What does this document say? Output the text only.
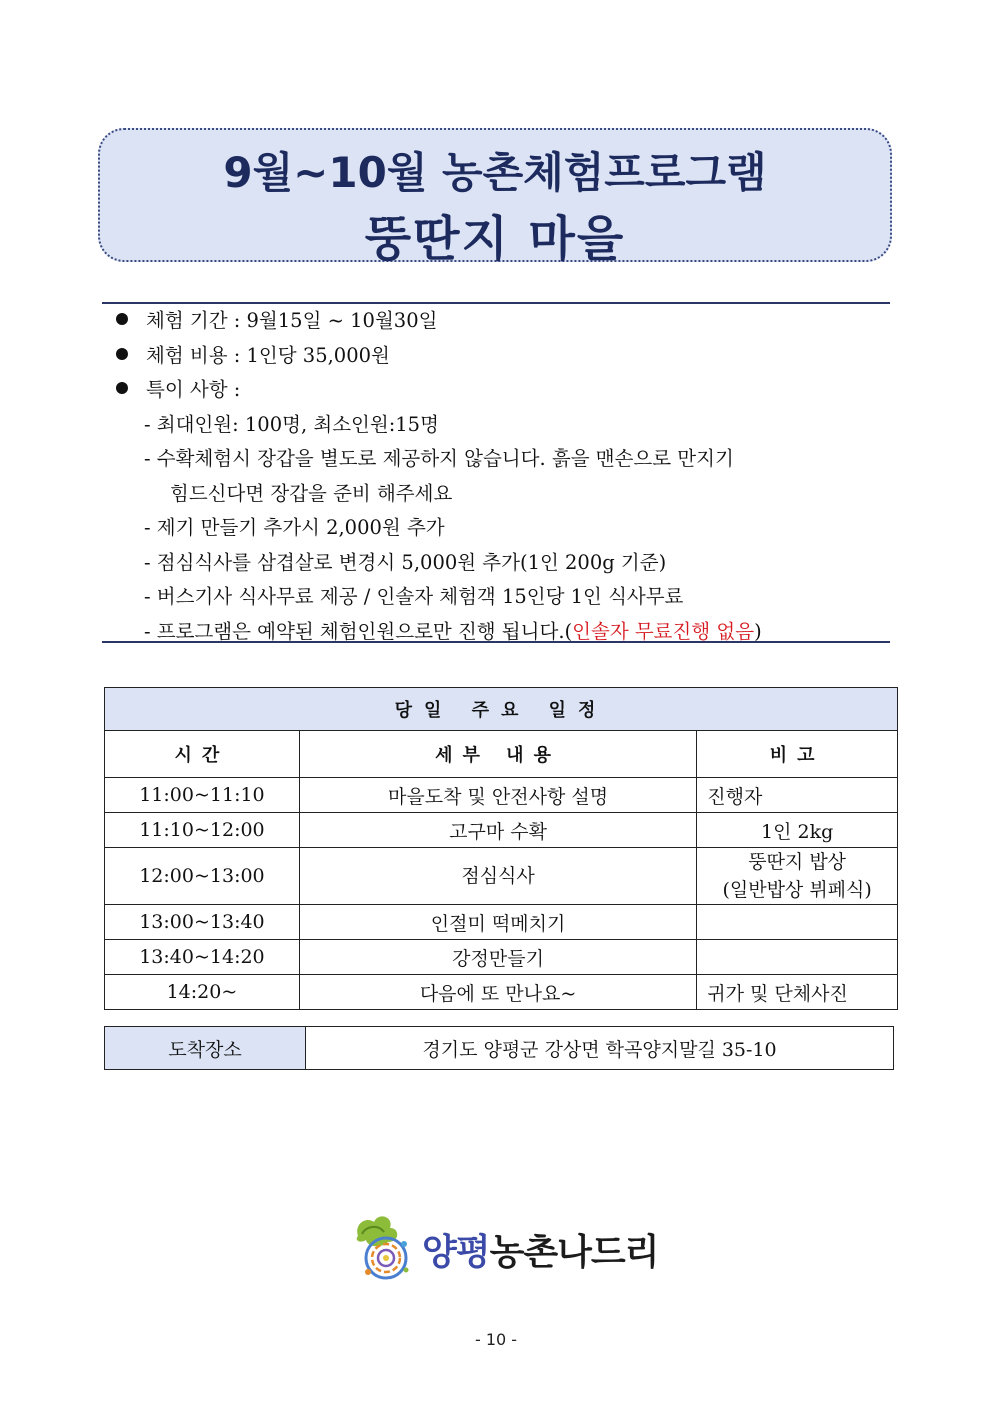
9월~10월 농촌체험프로그램
뚱딴지 마을
체험 기간 : 9월15일 ~ 10월30일
체험 비용 : 1인당 35,000원
특이 사항 :
- 최대인원: 100명, 최소인원:15명
- 수확체험시 장갑을 별도로 제공하지 않습니다. 흙을 맨손으로 만지기
힘드신다면 장갑을 준비 해주세요
- 제기 만들기 추가시 2,000원 추가
- 점심식사를 삼겹살로 변경시 5,000원 추가(1인 200g 기준)
- 버스기사 식사무료 제공 / 인솔자 체험객 15인당 1인 식사무료
- 프로그램은 예약된 체험인원으로만 진행 됩니다.(인솔자 무료진행 없음)
당일 주요 일정		
시간	세부 내용	비고
11:00~11:10	마을도착 및 안전사항 설명	진행자
11:10~12:00	고구마 수확	1인 2kg
12:00~13:00	점심식사	뚱딴지 밥상
(일반밥상 뷔페식)

13:00~13:40	인절미 떡메치기	
13:40~14:20	강정만들기	
14:20~	다음에 또 만나요~	귀가 및 단체사진
도착장소	경기도 양평군 강상면 학곡양지말길 35-10
양평농촌나드리
- 10 -
